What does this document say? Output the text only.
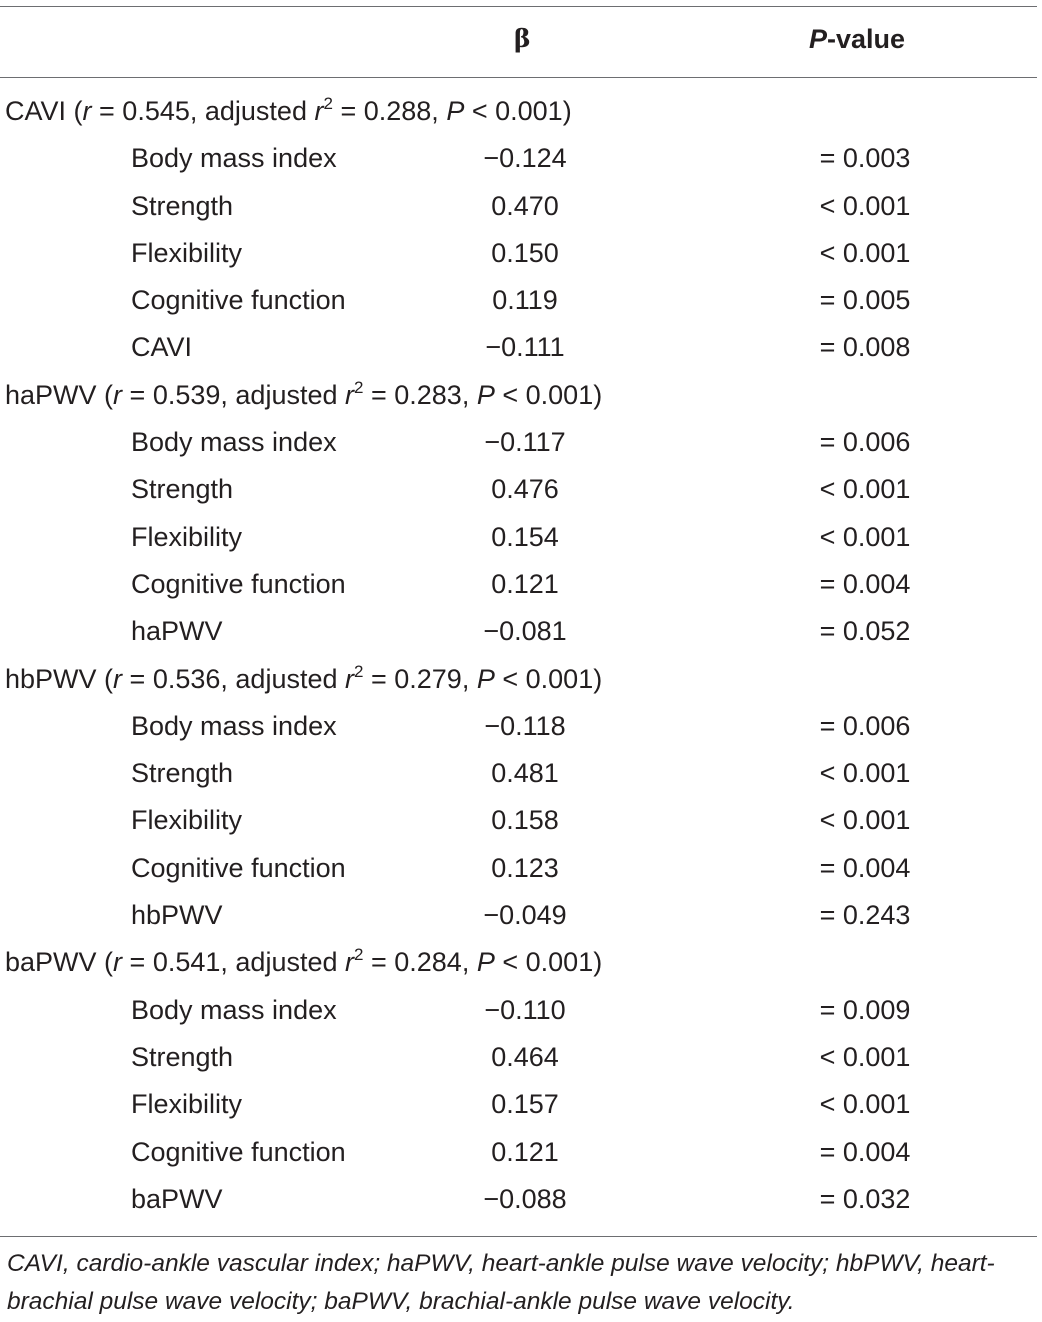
β	P-value
CAVI (r = 0.545, adjusted $r^2 = 0.288$, P < 0.001)
Body mass index	−0.124	= 0.003
Strength	0.470	< 0.001
Flexibility	0.150	< 0.001
Cognitive function	0.119	= 0.005
CAVI	−0.111	= 0.008
haPWV (r = 0.539, adjusted $r^2 = 0.283$, P < 0.001)
Body mass index	−0.117	= 0.006
Strength	0.476	< 0.001
Flexibility	0.154	< 0.001
Cognitive function	0.121	= 0.004
haPWV	−0.081	= 0.052
hbPWV (r = 0.536, adjusted $r^2 = 0.279$, P < 0.001)
Body mass index	−0.118	= 0.006
Strength	0.481	< 0.001
Flexibility	0.158	< 0.001
Cognitive function	0.123	= 0.004
hbPWV	−0.049	= 0.243
baPWV (r = 0.541, adjusted $r^2 = 0.284$, P < 0.001)
Body mass index	−0.110	= 0.009
Strength	0.464	< 0.001
Flexibility	0.157	< 0.001
Cognitive function	0.121	= 0.004
baPWV	−0.088	= 0.032
CAVI, cardio-ankle vascular index; haPWV, heart-ankle pulse wave velocity; hbPWV, heart-brachial pulse wave velocity; baPWV, brachial-ankle pulse wave velocity.
